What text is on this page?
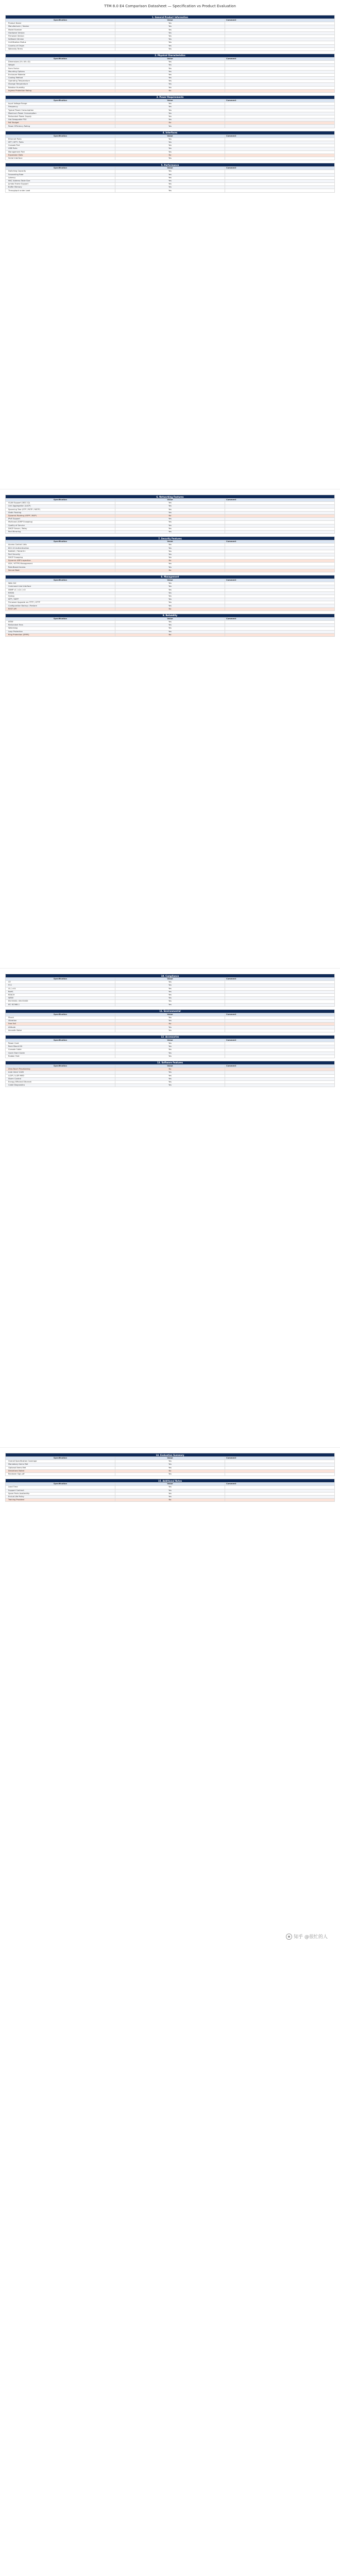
TTM 8.0 E4 Comparison Datasheet — Specification vs Product Evaluation
1. General Product Information		
Specification	Value	Comment
Product Name	Yes	
Manufacturer / Vendor	Yes	
Model Number	Yes	
Hardware Version	Yes	
Firmware Version	Yes	
Software Version	Yes	
Certification Status	Yes	
Country of Origin	Yes	
Warranty Terms	Yes	

2. Physical Characteristics		
Specification	Value	Comment
Dimensions (H x W x D)	Yes	
Weight	Yes	
Form Factor	Yes	
Mounting Options	Yes	
Enclosure Material	Yes	
Cooling Method	Yes	
Operating Temperature	Yes	
Storage Temperature	Yes	
Relative Humidity	Yes	
Ingress Protection Rating	No	

3. Power Requirements		
Specification	Value	Comment
Input Voltage Range	Yes	
Frequency	Yes	
Typical Power Consumption	Yes	
Maximum Power Consumption	Yes	
Redundant Power Supply	Yes	
Hot-Swappable PSU	Yes	
PoE Budget	No	
Power Efficiency Rating	Yes	

4. Interfaces		
Specification	Value	Comment
Ethernet Ports	Yes	
SFP / SFP+ Ports	Yes	
Console Port	Yes	
USB Ports	Yes	
Management Port	Yes	
Expansion Slots	No	
Serial Interface	Yes	

5. Performance		
Specification	Value	Comment
Switching Capacity	Yes	
Forwarding Rate	Yes	
Latency	Yes	
MAC Address Table Size	Yes	
Jumbo Frame Support	Yes	
Buffer Memory	Yes	
Throughput under Load	Yes	

6. Networking Features		
Specification	Value	Comment
VLAN Support (802.1Q)	Yes	
Link Aggregation (LACP)	Yes	
Spanning Tree (STP / RSTP / MSTP)	Yes	
Static Routing	Yes	
Dynamic Routing (OSPF / BGP)	No	
IPv6 Support	Yes	
Multicast (IGMP Snooping)	Yes	
Quality of Service	Yes	
DHCP Server / Relay	Yes	
Port Mirroring	Yes	

7. Security Features		
Specification	Value	Comment
Access Control Lists	Yes	
802.1X Authentication	Yes	
RADIUS / TACACS+	Yes	
Port Security	Yes	
DHCP Snooping	Yes	
Dynamic ARP Inspection	No	
SSH / HTTPS Management	Yes	
Role-Based Access	Yes	
Secure Boot	No	

8. Management		
Specification	Value	Comment
Web GUI	Yes	
Command Line Interface	Yes	
SNMP v1 / v2c / v3	Yes	
RMON	Yes	
Syslog	Yes	
NTP / SNTP	Yes	
Firmware Upgrade via TFTP / HTTP	Yes	
Configuration Backup / Restore	Yes	
REST API	No	

9. Reliability		
Specification	Value	Comment
MTBF	Yes	
Redundant Fans	Yes	
Watchdog	Yes	
Loop Protection	Yes	
Ring Protection (ERPS)	No	

10. Compliance		
Specification	Value	Comment
CE	Yes	
FCC	Yes	
UL / cUL	Yes	
RoHS	Yes	
REACH	Yes	
WEEE	Yes	
EN 55032 / EN 55035	Yes	
IEC 62368-1	Yes	

11. Environmental		
Specification	Value	Comment
Shock	Yes	
Vibration	Yes	
Free Fall	No	
Altitude	Yes	
Acoustic Noise	Yes	

12. Accessories		
Specification	Value	Comment
Power Cord	Yes	
Rack Mount Kit	Yes	
Console Cable	Yes	
Quick Start Guide	Yes	
Rubber Feet	Yes	

13. Software Features		
Specification	Value	Comment
Zero-Touch Provisioning	No	
Auto Voice VLAN	Yes	
LLDP / LLDP-MED	Yes	
Storm Control	Yes	
Energy Efficient Ethernet	Yes	
Cable Diagnostics	Yes	

14. Evaluation Summary		
Specification	Value	Comment
Overall Specification Coverage	Yes	
Mandatory Items Met	Yes	
Optional Items Met	Yes	
Deviations Noted	No	
Reviewer Sign-off	Yes	

15. Additional Notes		
Specification	Value	Comment
Lead Time	Yes	
Support Contract	Yes	
Spare Parts Availability	Yes	
End-of-Life Policy	Yes	
Training Provided	No	

知乎 @很忙的人
